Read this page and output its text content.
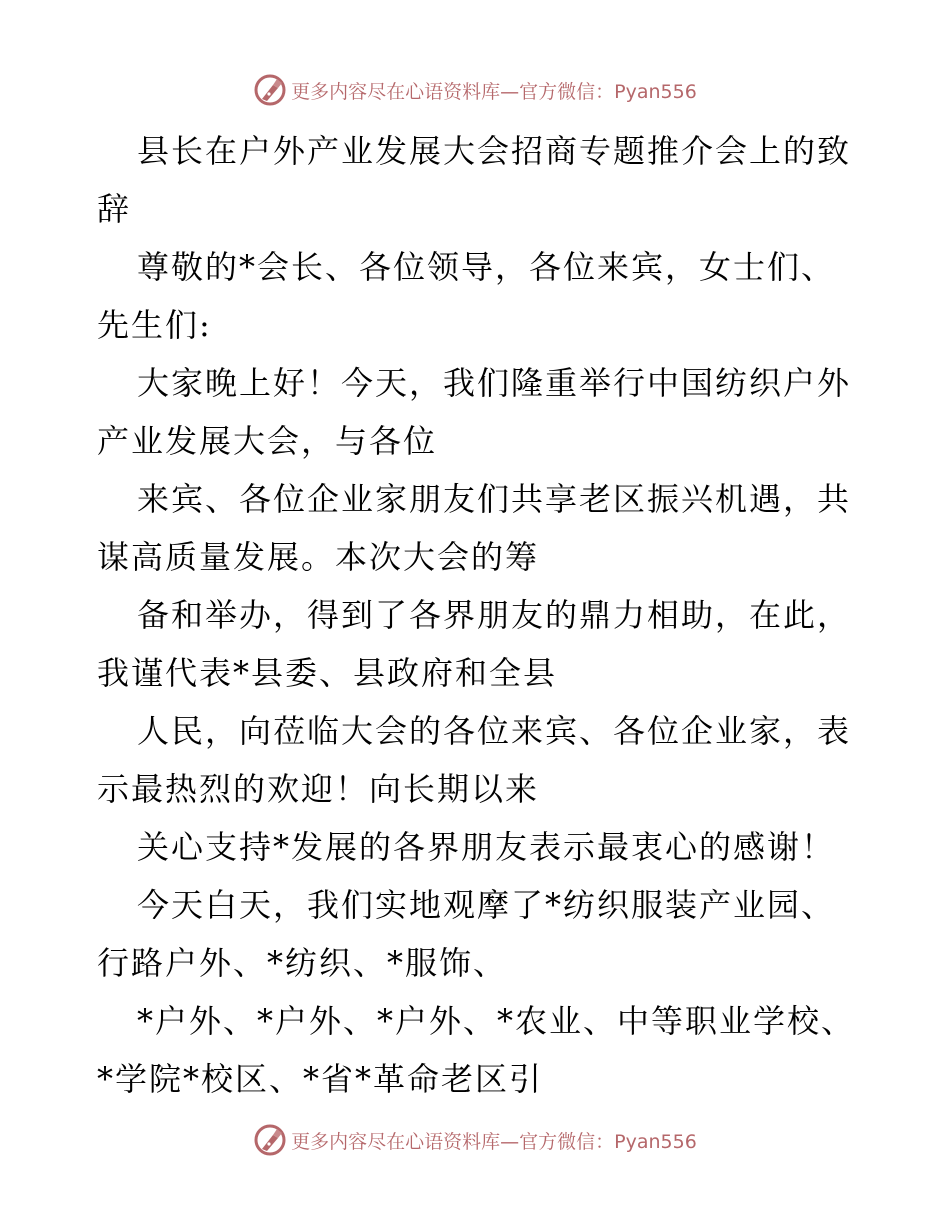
更多内容尽在心语资料库—官方微信：Pyan556

县长在户外产业发展大会招商专题推介会上的致辞

尊敬的*会长、各位领导，各位来宾，女士们、先生们:

大家晚上好！今天，我们隆重举行中国纺织户外产业发展大会，与各位

来宾、各位企业家朋友们共享老区振兴机遇，共谋高质量发展。本次大会的筹

备和举办，得到了各界朋友的鼎力相助，在此，我谨代表*县委、县政府和全县

人民，向莅临大会的各位来宾、各位企业家，表示最热烈的欢迎！向长期以来

关心支持*发展的各界朋友表示最衷心的感谢！

今天白天，我们实地观摩了*纺织服装产业园、行路户外、*纺织、*服饰、

*户外、*户外、*户外、*农业、中等职业学校、*学院*校区、*省*革命老区引

更多内容尽在心语资料库—官方微信：Pyan556
